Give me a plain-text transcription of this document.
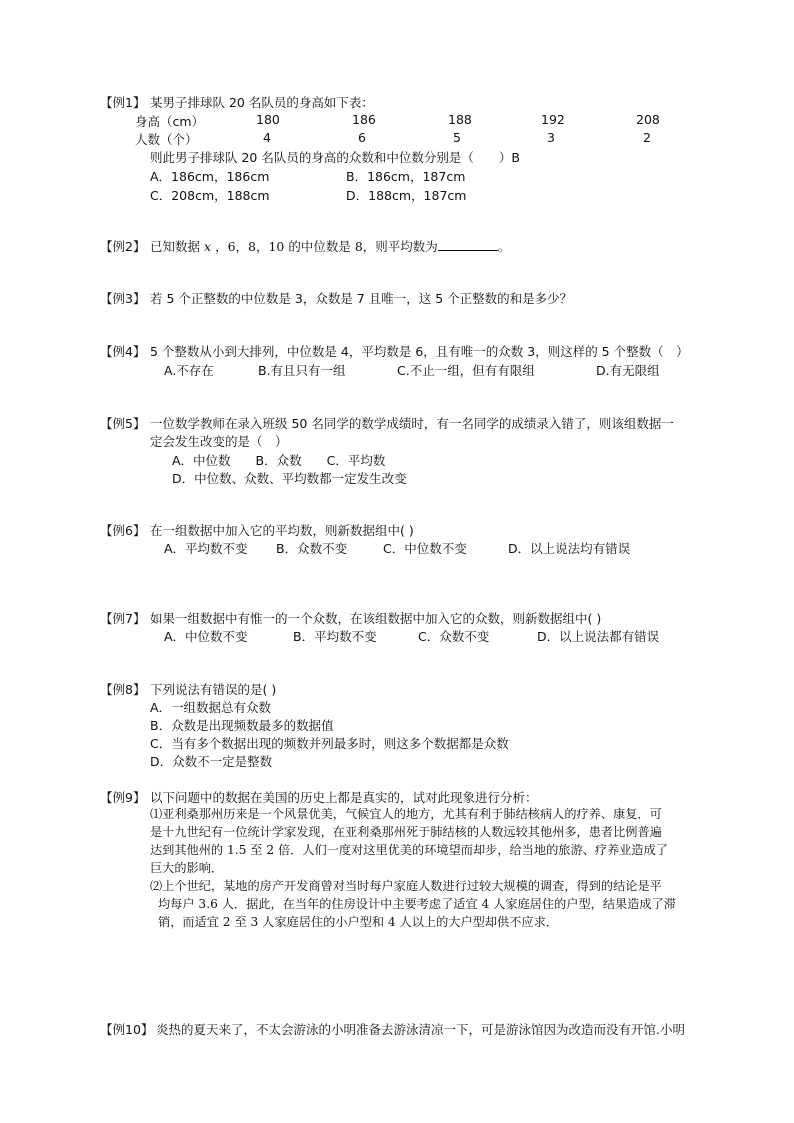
【例1】 某男子排球队 20 名队员的身高如下表：
身高（cm）	180	186	188	192	208
人数（个）	4	6	5	3	2
则此男子排球队 20 名队员的身高的众数和中位数分别是（　　）B
A．186cm，186cm	B．186cm，187cm
C．208cm，188cm	D．188cm，187cm
【例2】 已知数据 x ，6，8，10 的中位数是 8，则平均数为	。
【例3】 若 5 个正整数的中位数是 3，众数是 7 且唯一，这 5 个正整数的和是多少？
【例4】 5 个整数从小到大排列，中位数是 4，平均数是 6，且有唯一的众数 3，则这样的 5 个整数（　）
A.不存在	B.有且只有一组	C.不止一组，但有有限组	D.有无限组
【例5】 一位数学教师在录入班级 50 名同学的数学成绩时，有一名同学的成绩录入错了，则该组数据一
定会发生改变的是（　）
A．中位数　　B．众数　　C．平均数
D．中位数、众数、平均数都一定发生改变
【例6】 在一组数据中加入它的平均数，则新数据组中( )
A．平均数不变 B．众数不变	C．中位数不变	D．以上说法均有错误
【例7】 如果一组数据中有惟一的一个众数，在该组数据中加入它的众数，则新数据组中( )
A．中位数不变	B．平均数不变	C．众数不变	D．以上说法都有错误
【例8】 下列说法有错误的是( )
A．一组数据总有众数
B．众数是出现频数最多的数据值
C．当有多个数据出现的频数并列最多时，则这多个数据都是众数
D．众数不一定是整数
【例9】 以下问题中的数据在美国的历史上都是真实的，试对此现象进行分析：
⑴亚利桑那州历来是一个风景优美，气候宜人的地方，尤其有利于肺结核病人的疗养、康复．可
是十九世纪有一位统计学家发现，在亚利桑那州死于肺结核的人数远较其他州多，患者比例普遍
达到其他州的 1.5 至 2 倍．人们一度对这里优美的环境望而却步，给当地的旅游、疗养业造成了
巨大的影响．
⑵上个世纪，某地的房产开发商曾对当时每户家庭人数进行过较大规模的调查，得到的结论是平
均每户 3.6 人．据此，在当年的住房设计中主要考虑了适宜 4 人家庭居住的户型，结果造成了滞
销，而适宜 2 至 3 人家庭居住的小户型和 4 人以上的大户型却供不应求．
【例10】 炎热的夏天来了，不太会游泳的小明准备去游泳清凉一下，可是游泳馆因为改造而没有开馆.小明
